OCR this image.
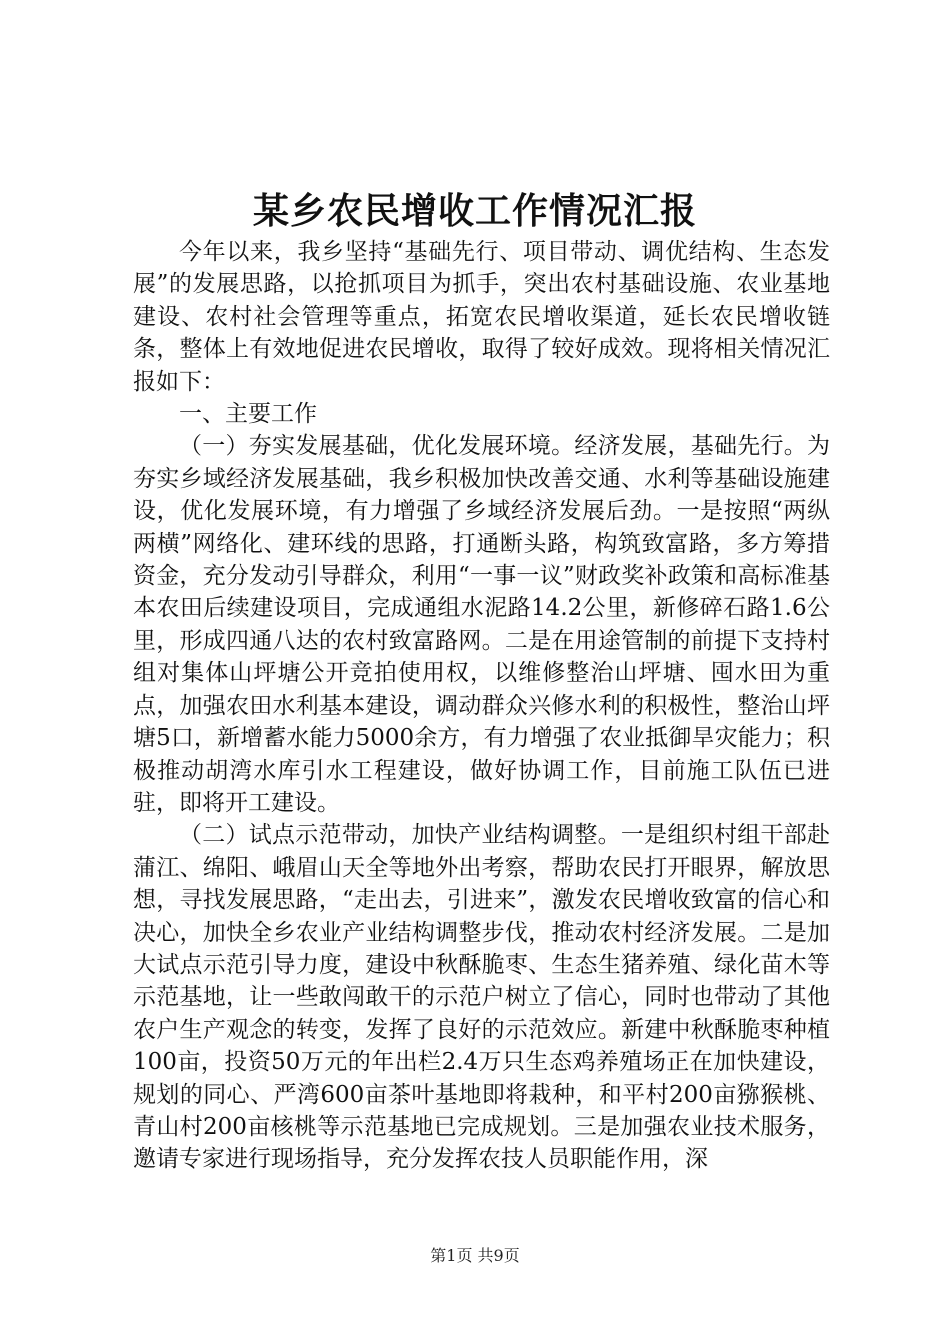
某乡农民增收工作情况汇报

今年以来，我乡坚持“基础先行、项目带动、调优结构、生态发展”的发展思路，以抢抓项目为抓手，突出农村基础设施、农业基地建设、农村社会管理等重点，拓宽农民增收渠道，延长农民增收链条，整体上有效地促进农民增收，取得了较好成效。现将相关情况汇报如下：

一、主要工作

（一）夯实发展基础，优化发展环境。经济发展，基础先行。为夯实乡域经济发展基础，我乡积极加快改善交通、水利等基础设施建设，优化发展环境，有力增强了乡域经济发展后劲。一是按照“两纵两横”网络化、建环线的思路，打通断头路，构筑致富路，多方筹措资金，充分发动引导群众，利用“一事一议”财政奖补政策和高标准基本农田后续建设项目，完成通组水泥路14.2公里，新修碎石路1.6公里，形成四通八达的农村致富路网。二是在用途管制的前提下支持村组对集体山坪塘公开竞拍使用权，以维修整治山坪塘、囤水田为重点，加强农田水利基本建设，调动群众兴修水利的积极性，整治山坪塘5口，新增蓄水能力5000余方，有力增强了农业抵御旱灾能力；积极推动胡湾水库引水工程建设，做好协调工作，目前施工队伍已进驻，即将开工建设。

（二）试点示范带动，加快产业结构调整。一是组织村组干部赴蒲江、绵阳、峨眉山天全等地外出考察，帮助农民打开眼界，解放思想，寻找发展思路，“走出去，引进来”，激发农民增收致富的信心和决心，加快全乡农业产业结构调整步伐，推动农村经济发展。二是加大试点示范引导力度，建设中秋酥脆枣、生态生猪养殖、绿化苗木等示范基地，让一些敢闯敢干的示范户树立了信心，同时也带动了其他农户生产观念的转变，发挥了良好的示范效应。新建中秋酥脆枣种植100亩，投资50万元的年出栏2.4万只生态鸡养殖场正在加快建设，规划的同心、严湾600亩茶叶基地即将栽种，和平村200亩猕猴桃、青山村200亩核桃等示范基地已完成规划。三是加强农业技术服务，邀请专家进行现场指导，充分发挥农技人员职能作用，深

第1页 共9页
